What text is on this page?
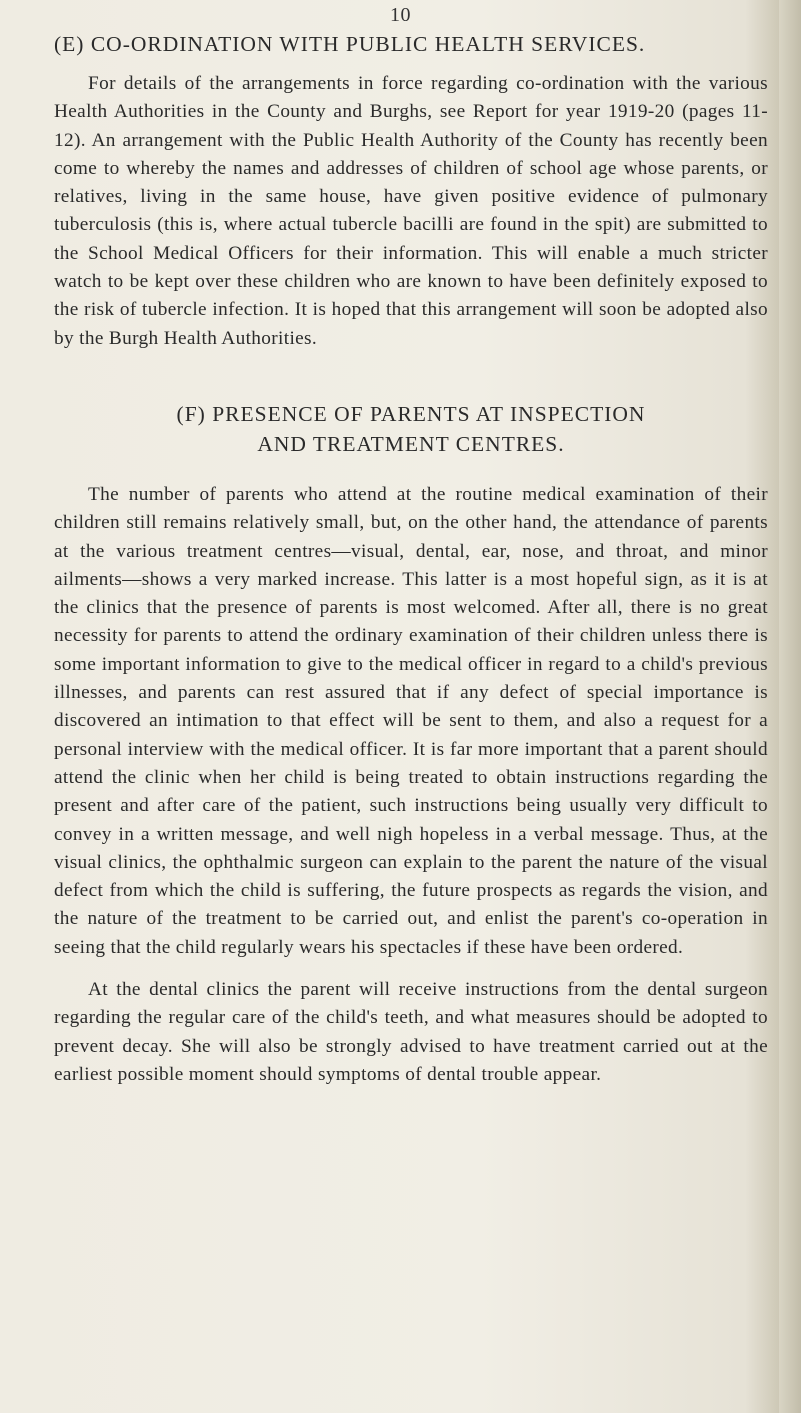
10
(E) CO-ORDINATION WITH PUBLIC HEALTH SERVICES.

For details of the arrangements in force regarding co-ordination with the various Health Authorities in the County and Burghs, see Report for year 1919-20 (pages 11-12). An arrangement with the Public Health Authority of the County has recently been come to whereby the names and addresses of children of school age whose parents, or relatives, living in the same house, have given positive evidence of pulmonary tuberculosis (this is, where actual tubercle bacilli are found in the spit) are submitted to the School Medical Officers for their information. This will enable a much stricter watch to be kept over these children who are known to have been definitely exposed to the risk of tubercle infection. It is hoped that this arrangement will soon be adopted also by the Burgh Health Authorities.

(F) PRESENCE OF PARENTS AT INSPECTION
AND TREATMENT CENTRES.

The number of parents who attend at the routine medical examination of their children still remains relatively small, but, on the other hand, the attendance of parents at the various treatment centres—visual, dental, ear, nose, and throat, and minor ailments—shows a very marked increase. This latter is a most hopeful sign, as it is at the clinics that the presence of parents is most welcomed. After all, there is no great necessity for parents to attend the ordinary examination of their children unless there is some important information to give to the medical officer in regard to a child's previous illnesses, and parents can rest assured that if any defect of special importance is discovered an intimation to that effect will be sent to them, and also a request for a personal interview with the medical officer. It is far more important that a parent should attend the clinic when her child is being treated to obtain instructions regarding the present and after care of the patient, such instructions being usually very difficult to convey in a written message, and well nigh hopeless in a verbal message. Thus, at the visual clinics, the ophthalmic surgeon can explain to the parent the nature of the visual defect from which the child is suffering, the future prospects as regards the vision, and the nature of the treatment to be carried out, and enlist the parent's co-operation in seeing that the child regularly wears his spectacles if these have been ordered.

At the dental clinics the parent will receive instructions from the dental surgeon regarding the regular care of the child's teeth, and what measures should be adopted to prevent decay. She will also be strongly advised to have treatment carried out at the earliest possible moment should symptoms of dental trouble appear.
